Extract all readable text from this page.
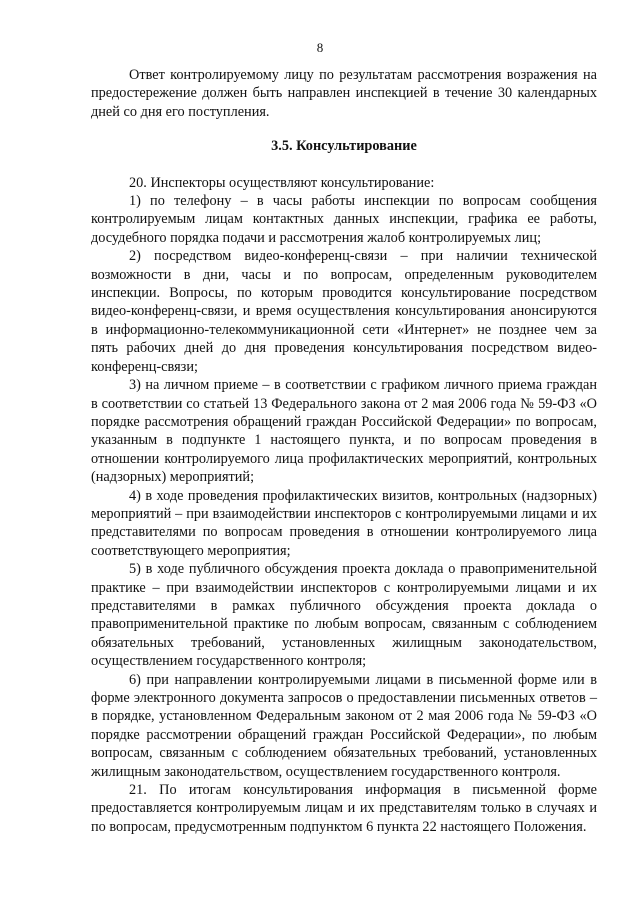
8

Ответ контролируемому лицу по результатам рассмотрения возражения на предостережение должен быть направлен инспекцией в течение 30 календарных дней со дня его поступления.

3.5. Консультирование

20. Инспекторы осуществляют консультирование:

1) по телефону – в часы работы инспекции по вопросам сообщения контролируемым лицам контактных данных инспекции, графика ее работы, досудебного порядка подачи и рассмотрения жалоб контролируемых лиц;

2) посредством видео-конференц-связи – при наличии технической возможности в дни, часы и по вопросам, определенным руководителем инспекции. Вопросы, по которым проводится консультирование посредством видео-конференц-связи, и время осуществления консультирования анонсируются в информационно-телекоммуникационной сети «Интернет» не позднее чем за пять рабочих дней до дня проведения консультирования посредством видео-конференц-связи;

3) на личном приеме – в соответствии с графиком личного приема граждан в соответствии со статьей 13 Федерального закона от 2 мая 2006 года № 59-ФЗ «О порядке рассмотрения обращений граждан Российской Федерации» по вопросам, указанным в подпункте 1 настоящего пункта, и по вопросам проведения в отношении контролируемого лица профилактических мероприятий, контрольных (надзорных) мероприятий;

4) в ходе проведения профилактических визитов, контрольных (надзорных) мероприятий – при взаимодействии инспекторов с контролируемыми лицами и их представителями по вопросам проведения в отношении контролируемого лица соответствующего мероприятия;

5) в ходе публичного обсуждения проекта доклада о правоприменительной практике – при взаимодействии инспекторов с контролируемыми лицами и их представителями в рамках публичного обсуждения проекта доклада о правоприменительной практике по любым вопросам, связанным с соблюдением обязательных требований, установленных жилищным законодательством, осуществлением государственного контроля;

6) при направлении контролируемыми лицами в письменной форме или в форме электронного документа запросов о предоставлении письменных ответов – в порядке, установленном Федеральным законом от 2 мая 2006 года № 59-ФЗ «О порядке рассмотрении обращений граждан Российской Федерации», по любым вопросам, связанным с соблюдением обязательных требований, установленных жилищным законодательством, осуществлением государственного контроля.

21. По итогам консультирования информация в письменной форме предоставляется контролируемым лицам и их представителям только в случаях и по вопросам, предусмотренным подпунктом 6 пункта 22 настоящего Положения.
